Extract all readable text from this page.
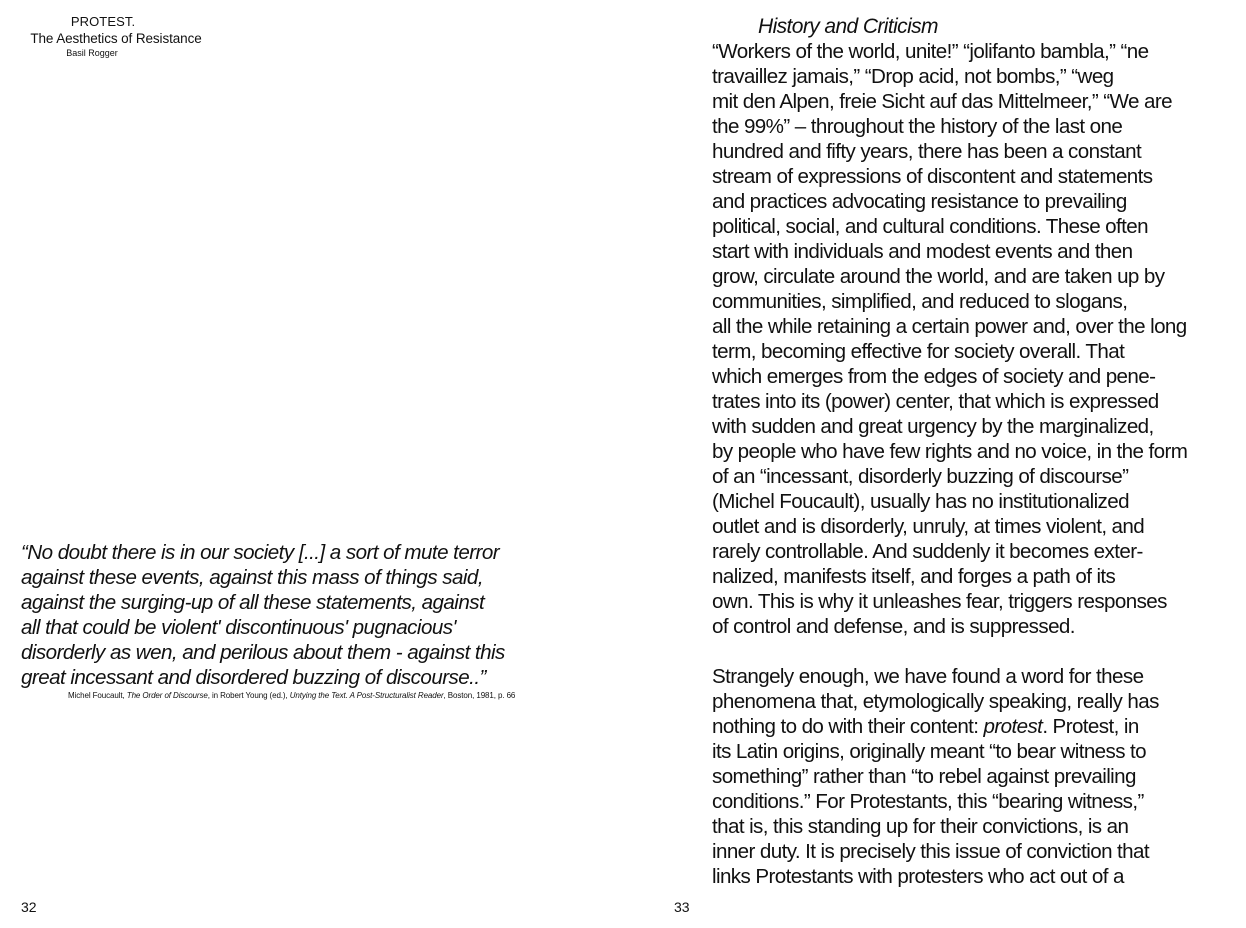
PROTEST.
The Aesthetics of Resistance
Basil Rogger
“No doubt there is in our society [...] a sort of mute terror
against these events, against this mass of things said,
against the surging-up of all these statements, against
all that could be violent' discontinuous' pugnacious'
disorderly as wen, and perilous about them - against this
great incessant and disordered buzzing of discourse..”
Michel Foucault, The Order of Discourse, in Robert Young (ed.), Untying the Text. A Post-Structuralist Reader, Boston, 1981, p. 66
History and Criticism

“Workers of the world, unite!” “jolifanto bambla,” “ne

travaillez jamais,” “Drop acid, not bombs,” “weg

mit den Alpen, freie Sicht auf das Mittelmeer,” “We are

the 99%” – throughout the history of the last one

hundred and fifty years, there has been a constant

stream of expressions of discontent and statements

and practices advocating resistance to prevailing

political, social, and cultural conditions. These often

start with individuals and modest events and then

grow, circulate around the world, and are taken up by

communities, simplified, and reduced to slogans,

all the while retaining a certain power and, over the long

term, becoming effective for society overall. That

which emerges from the edges of society and pene-

trates into its (power) center, that which is expressed

with sudden and great urgency by the marginalized,

by people who have few rights and no voice, in the form

of an “incessant, disorderly buzzing of discourse”

(Michel Foucault), usually has no institutionalized

outlet and is disorderly, unruly, at times violent, and

rarely controllable. And suddenly it becomes exter-

nalized, manifests itself, and forges a path of its

own. This is why it unleashes fear, triggers responses

of control and defense, and is suppressed.

Strangely enough, we have found a word for these

phenomena that, etymologically speaking, really has

nothing to do with their content: protest. Protest, in

its Latin origins, originally meant “to bear witness to

something” rather than “to rebel against prevailing

conditions.” For Protestants, this “bearing witness,”

that is, this standing up for their convictions, is an

inner duty. It is precisely this issue of conviction that

links Protestants with protesters who act out of a

32	33
